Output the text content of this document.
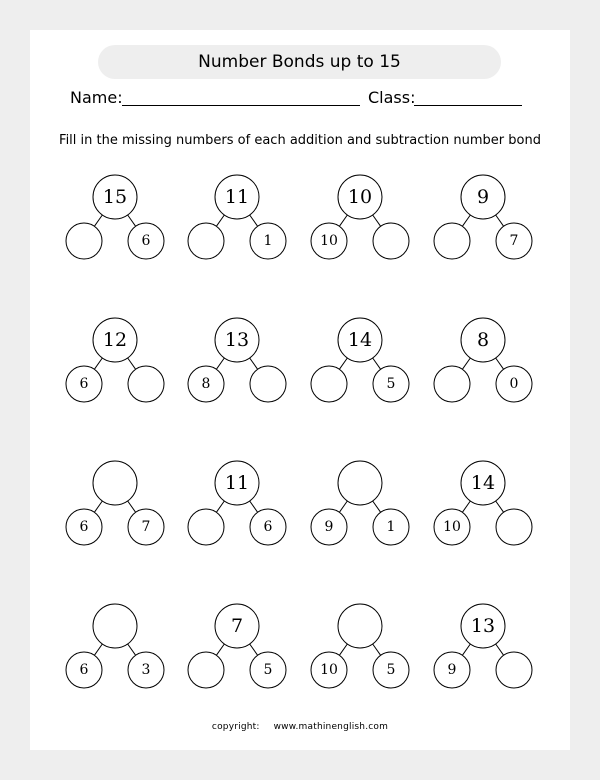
Number Bonds up to 15
Name:	Class:
Fill in the missing numbers of each addition and subtraction number bond
15
6
11
1
10
10
9
7
12
6
13
8
14
5
8
0
6	7
11
6	9	1
14
10
6	3
7
5	10	5
13
9
copyright: www.mathinenglish.com
